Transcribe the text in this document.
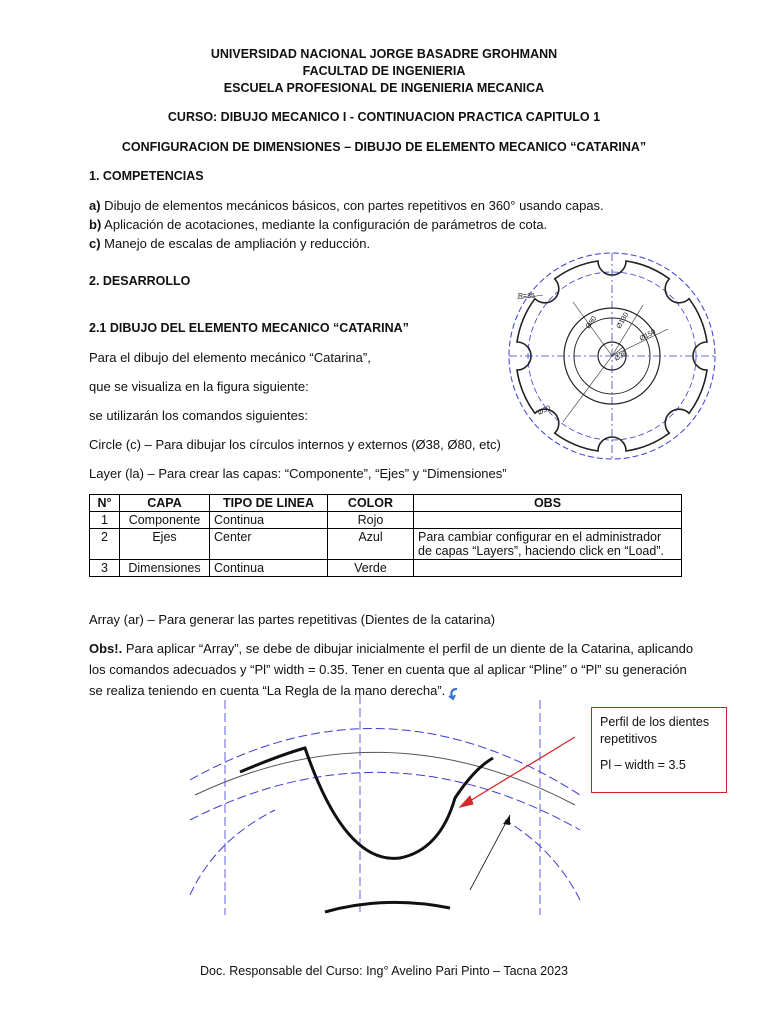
UNIVERSIDAD NACIONAL JORGE BASADRE GROHMANN
FACULTAD DE INGENIERIA
ESCUELA PROFESIONAL DE INGENIERIA MECANICA
CURSO: DIBUJO MECANICO I - CONTINUACION PRACTICA CAPITULO 1
CONFIGURACION DE DIMENSIONES – DIBUJO DE ELEMENTO MECANICO “CATARINA”
1. COMPETENCIAS
a) Dibujo de elementos mecánicos básicos, con partes repetitivos en 360° usando capas.
b) Aplicación de acotaciones, mediante la configuración de parámetros de cota.
c) Manejo de escalas de ampliación y reducción.
2. DESARROLLO
2.1 DIBUJO DEL ELEMENTO MECANICO “CATARINA”
Para el dibujo del elemento mecánico “Catarina”,
que se visualiza en la figura siguiente:
se utilizarán los comandos siguientes:
Circle (c) – Para dibujar los círculos internos y externos (Ø38, Ø80, etc)
Layer (la) – Para crear las capas: “Componente”, “Ejes” y “Dimensiones”
R=35
Ø80 Ø130
Ø150
Ø38
Ø30
N°	CAPA	TIPO DE LINEA	COLOR	OBS
1	Componente	Continua	Rojo	
2	Ejes	Center	Azul	Para cambiar configurar en el administrador de capas “Layers”, haciendo click en “Load”.
3	Dimensiones	Continua	Verde	
Array (ar) – Para generar las partes repetitivas (Dientes de la catarina)
Obs!. Para aplicar “Array”, se debe de dibujar inicialmente el perfil de un diente de la Catarina, aplicando
los comandos adecuados y “Pl” width = 0.35. Tener en cuenta que al aplicar “Pline” o “Pl” su generación
se realiza teniendo en cuenta “La Regla de la mano derecha”.
Perfil de los dientes
repetitivos
Pl – width = 3.5
Doc. Responsable del Curso: Ing° Avelino Pari Pinto – Tacna 2023
